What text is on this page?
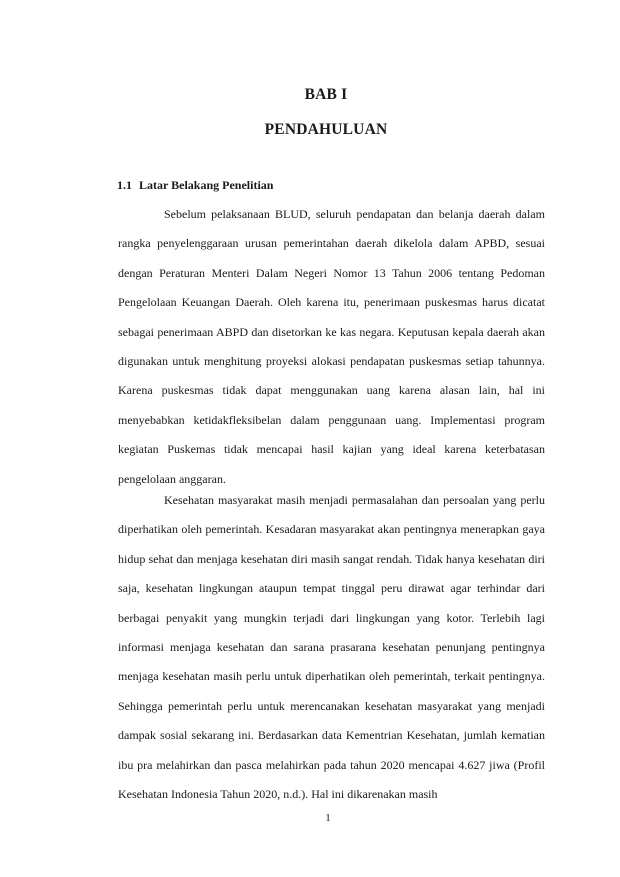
BAB I
PENDAHULUAN
1.1 Latar Belakang Penelitian

Sebelum pelaksanaan BLUD, seluruh pendapatan dan belanja daerah dalam rangka penyelenggaraan urusan pemerintahan daerah dikelola dalam APBD, sesuai dengan Peraturan Menteri Dalam Negeri Nomor 13 Tahun 2006 tentang Pedoman Pengelolaan Keuangan Daerah. Oleh karena itu, penerimaan puskesmas harus dicatat sebagai penerimaan ABPD dan disetorkan ke kas negara. Keputusan kepala daerah akan digunakan untuk menghitung proyeksi alokasi pendapatan puskesmas setiap tahunnya. Karena puskesmas tidak dapat menggunakan uang karena alasan lain, hal ini menyebabkan ketidakfleksibelan dalam penggunaan uang. Implementasi program kegiatan Puskemas tidak mencapai hasil kajian yang ideal karena keterbatasan pengelolaan anggaran.

Kesehatan masyarakat masih menjadi permasalahan dan persoalan yang perlu diperhatikan oleh pemerintah. Kesadaran masyarakat akan pentingnya menerapkan gaya hidup sehat dan menjaga kesehatan diri masih sangat rendah. Tidak hanya kesehatan diri saja, kesehatan lingkungan ataupun tempat tinggal peru dirawat agar terhindar dari berbagai penyakit yang mungkin terjadi dari lingkungan yang kotor. Terlebih lagi informasi menjaga kesehatan dan sarana prasarana kesehatan penunjang pentingnya menjaga kesehatan masih perlu untuk diperhatikan oleh pemerintah, terkait pentingnya. Sehingga pemerintah perlu untuk merencanakan kesehatan masyarakat yang menjadi dampak sosial sekarang ini. Berdasarkan data Kementrian Kesehatan, jumlah kematian ibu pra melahirkan dan pasca melahirkan pada tahun 2020 mencapai 4.627 jiwa (Profil Kesehatan Indonesia Tahun 2020, n.d.). Hal ini dikarenakan masih

1
